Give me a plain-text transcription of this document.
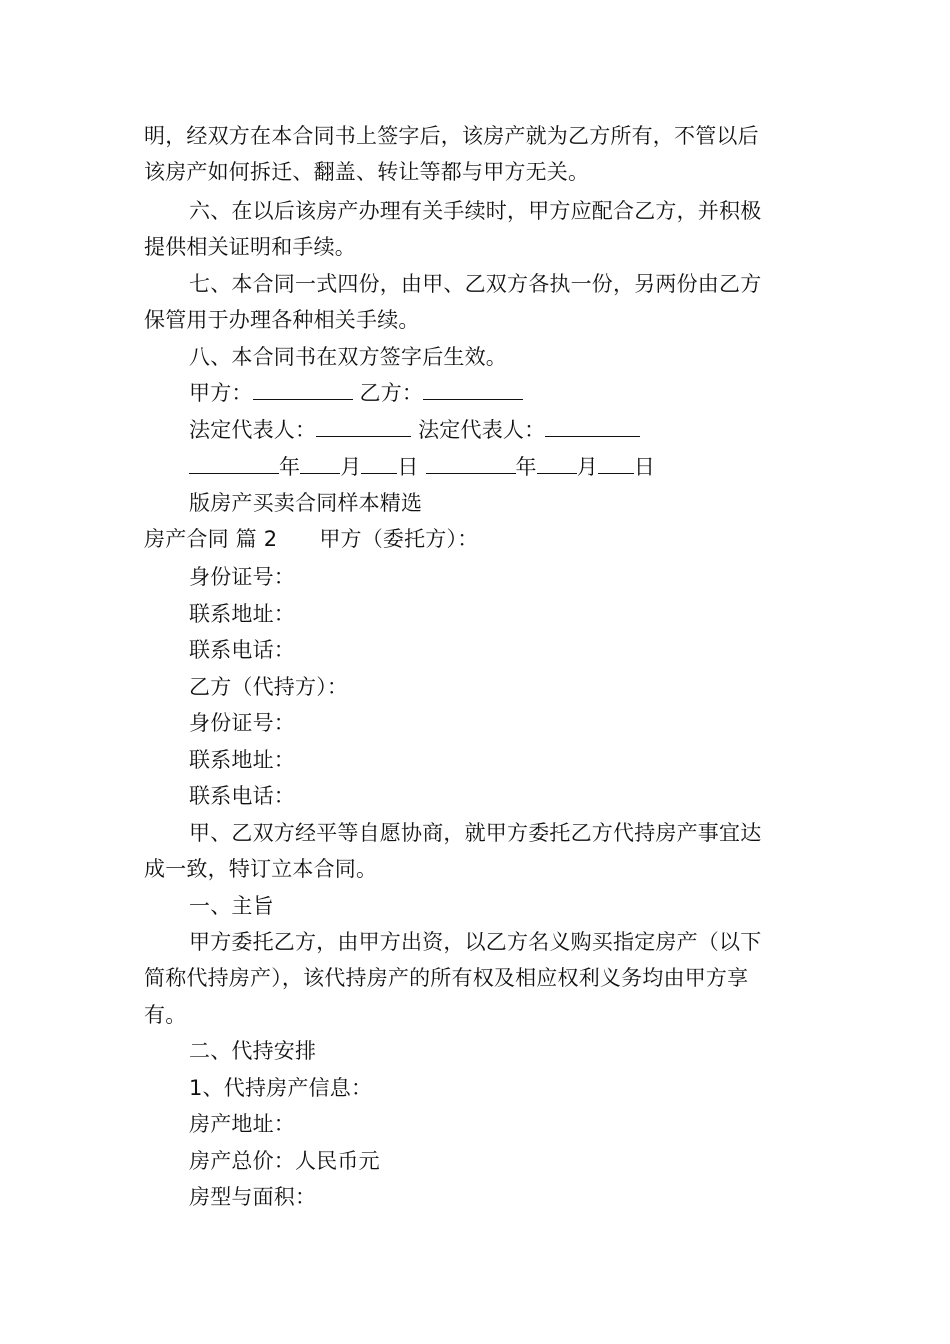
明，经双方在本合同书上签字后，该房产就为乙方所有，不管以后
该房产如何拆迁、翻盖、转让等都与甲方无关。
六、在以后该房产办理有关手续时，甲方应配合乙方，并积极
提供相关证明和手续。
七、本合同一式四份，由甲、乙双方各执一份，另两份由乙方
保管用于办理各种相关手续。
八、本合同书在双方签字后生效。
甲方：	乙方：
法定代表人：	法定代表人：
年 月 日	年 月 日
版房产买卖合同样本精选
房产合同 篇 2 甲方（委托方）：
身份证号：
联系地址：
联系电话：
乙方（代持方）：
身份证号：
联系地址：
联系电话：
甲、乙双方经平等自愿协商，就甲方委托乙方代持房产事宜达
成一致，特订立本合同。
一、主旨
甲方委托乙方，由甲方出资，以乙方名义购买指定房产（以下
简称代持房产），该代持房产的所有权及相应权利义务均由甲方享
有。
二、代持安排
1、代持房产信息：
房产地址：
房产总价：人民币元
房型与面积：
